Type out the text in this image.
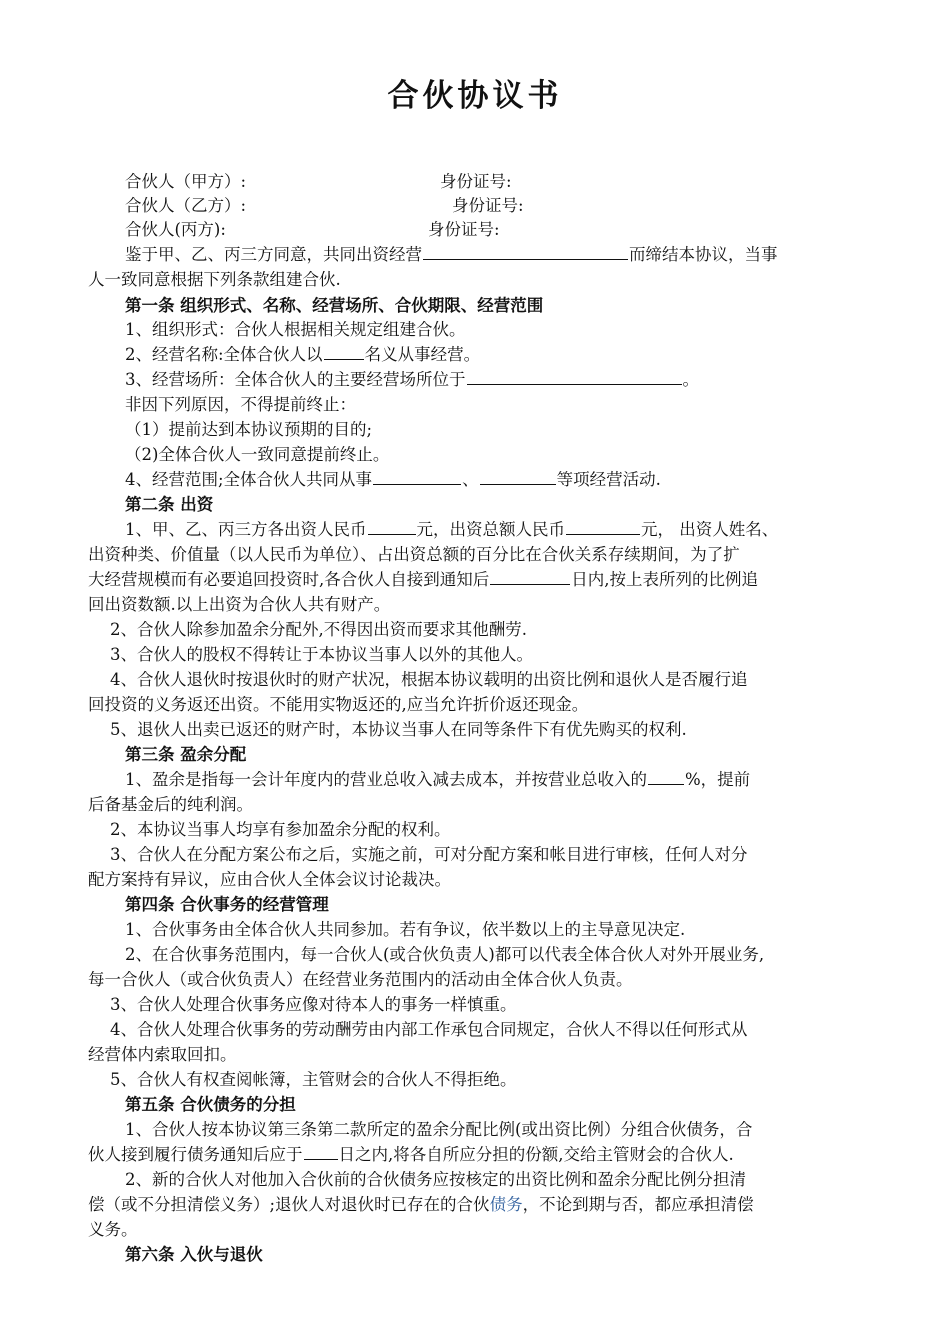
合伙协议书
合伙人（甲方）:	身份证号:
合伙人（乙方）:	身份证号:
合伙人(丙方):	身份证号:
鉴于甲、乙、丙三方同意，共同出资经营	而缔结本协议，当事
人一致同意根据下列条款组建合伙.
第一条 组织形式、名称、经营场所、合伙期限、经营范围
1、组织形式：合伙人根据相关规定组建合伙。
2、经营名称:全体合伙人以	名义从事经营。
3、经营场所：全体合伙人的主要经营场所位于	。
非因下列原因，不得提前终止：
（1）提前达到本协议预期的目的;
（2)全体合伙人一致同意提前终止。
4、经营范围;全体合伙人共同从事	、	等项经营活动.
第二条 出资
1、甲、乙、丙三方各出资人民币	元，出资总额人民币	元， 出资人姓名、
出资种类、价值量（以人民币为单位）、占出资总额的百分比在合伙关系存续期间，为了扩
大经营规模而有必要追回投资时,各合伙人自接到通知后	日内,按上表所列的比例追
回出资数额.以上出资为合伙人共有财产。
2、合伙人除参加盈余分配外,不得因出资而要求其他酬劳.
3、合伙人的股权不得转让于本协议当事人以外的其他人。
4、合伙人退伙时按退伙时的财产状况，根据本协议载明的出资比例和退伙人是否履行追
回投资的义务返还出资。不能用实物返还的,应当允许折价返还现金。
5、退伙人出卖已返还的财产时，本协议当事人在同等条件下有优先购买的权利.
第三条 盈余分配
1、盈余是指每一会计年度内的营业总收入减去成本，并按营业总收入的 %，提前
后备基金后的纯利润。
2、本协议当事人均享有参加盈余分配的权利。
3、合伙人在分配方案公布之后，实施之前，可对分配方案和帐目进行审核，任何人对分
配方案持有异议，应由合伙人全体会议讨论裁决。
第四条 合伙事务的经营管理
1、合伙事务由全体合伙人共同参加。若有争议，依半数以上的主导意见决定.
2、在合伙事务范围内，每一合伙人(或合伙负责人)都可以代表全体合伙人对外开展业务,
每一合伙人（或合伙负责人）在经营业务范围内的活动由全体合伙人负责。
3、合伙人处理合伙事务应像对待本人的事务一样慎重。
4、合伙人处理合伙事务的劳动酬劳由内部工作承包合同规定，合伙人不得以任何形式从
经营体内索取回扣。
5、合伙人有权查阅帐簿，主管财会的合伙人不得拒绝。
第五条 合伙债务的分担
1、合伙人按本协议第三条第二款所定的盈余分配比例(或出资比例）分组合伙债务，合
伙人接到履行债务通知后应于 日之内,将各自所应分担的份额,交给主管财会的合伙人.
2、新的合伙人对他加入合伙前的合伙债务应按核定的出资比例和盈余分配比例分担清
偿（或不分担清偿义务）;退伙人对退伙时已存在的合伙债务，不论到期与否，都应承担清偿
义务。
第六条 入伙与退伙
